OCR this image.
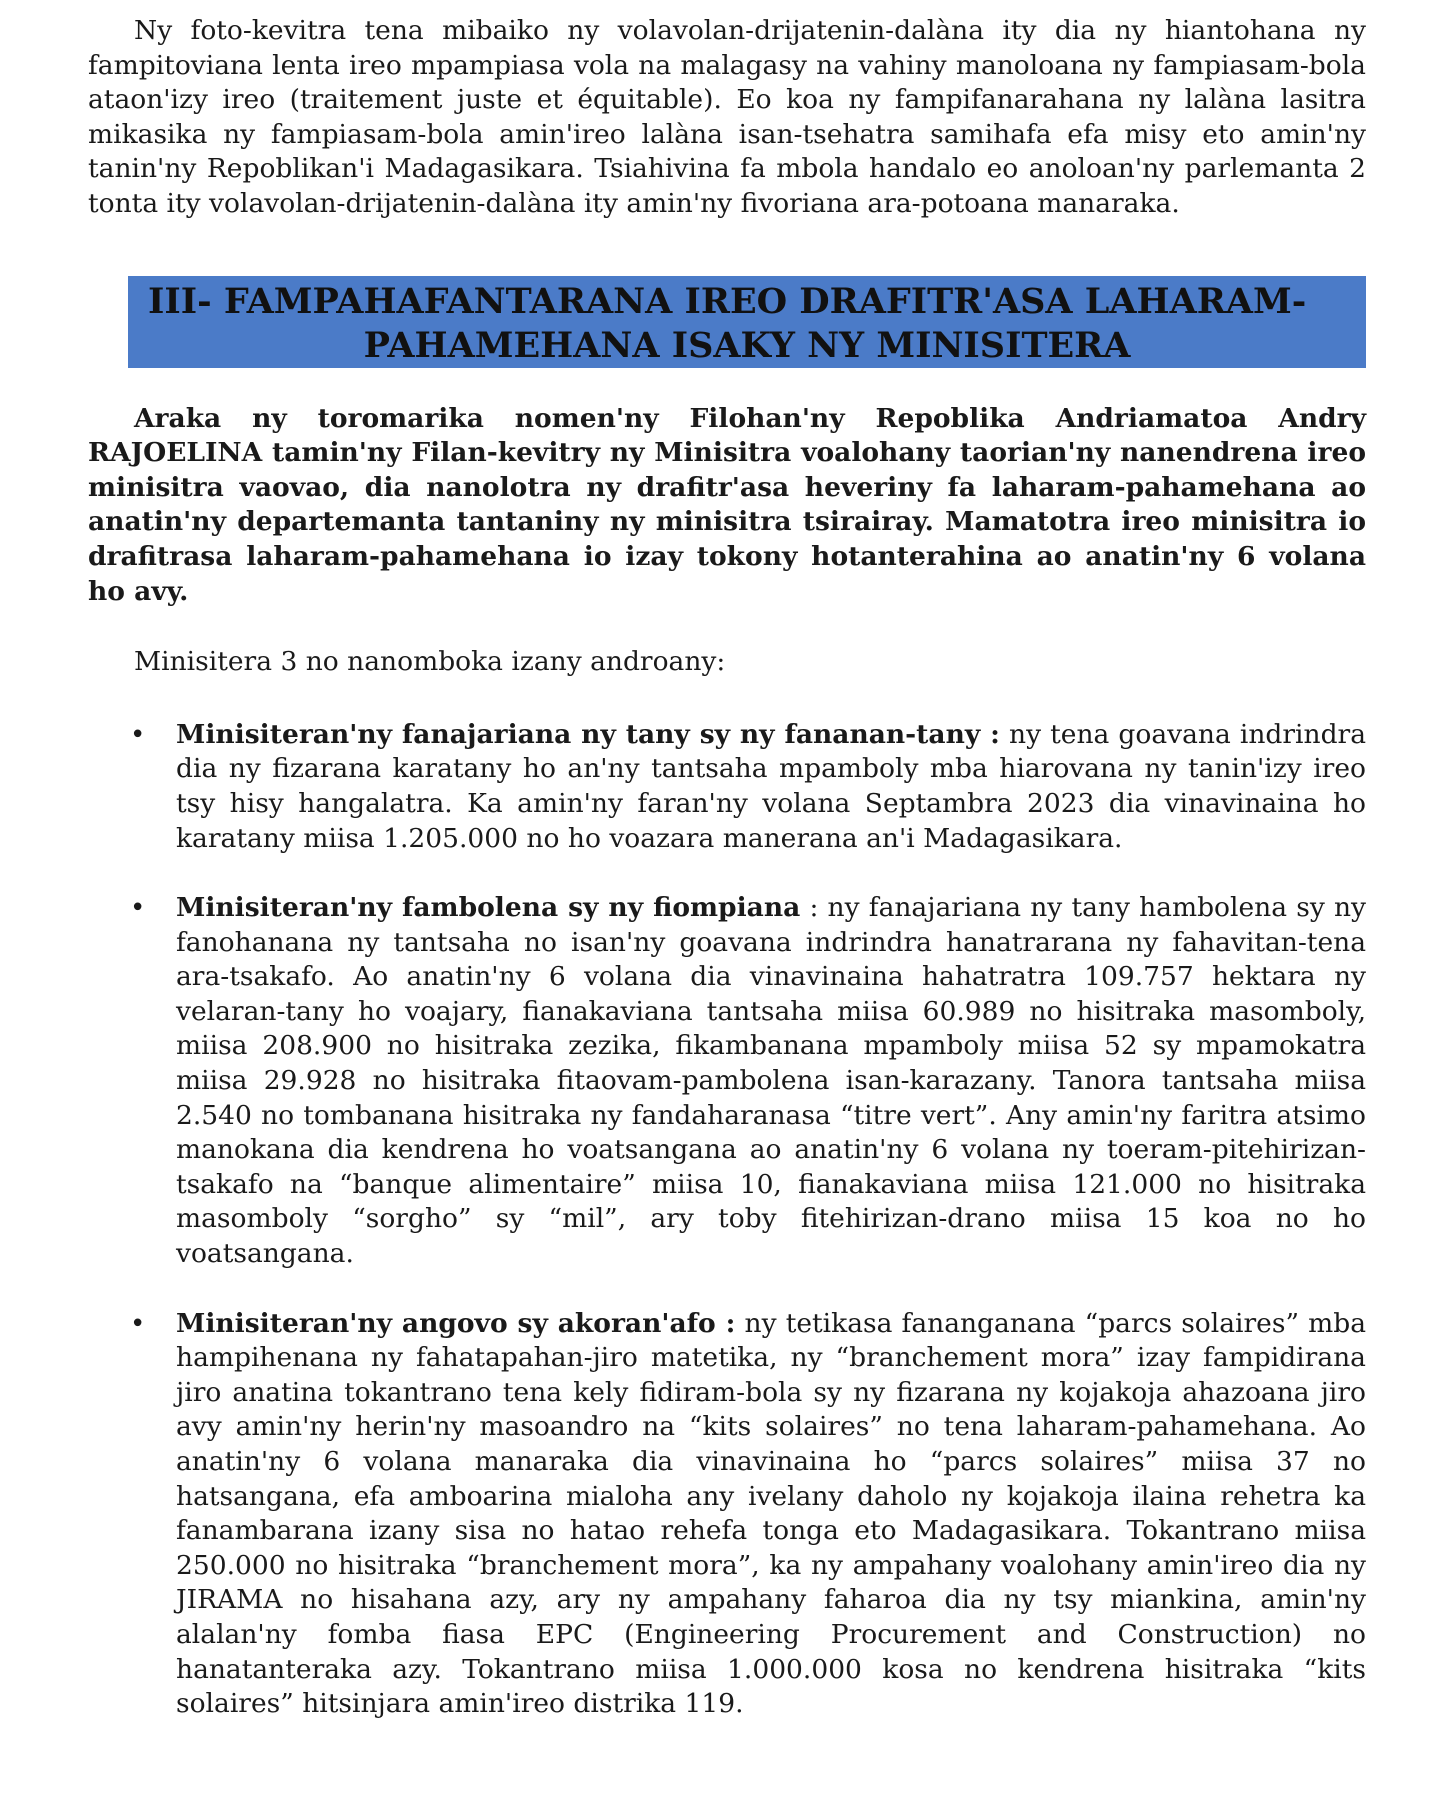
Ny foto-kevitra tena mibaiko ny volavolan-drijatenin-dalàna ity dia ny hiantohana ny fampitoviana lenta ireo mpampiasa vola na malagasy na vahiny manoloana ny fampiasam-bola ataon'izy ireo (traitement juste et équitable). Eo koa ny fampifanarahana ny lalàna lasitra mikasika ny fampiasam-bola amin'ireo lalàna isan-tsehatra samihafa efa misy eto amin'ny tanin'ny Repoblikan'i Madagasikara. Tsiahivina fa mbola handalo eo anoloan'ny parlemanta 2 tonta ity volavolan-drijatenin-dalàna ity amin'ny fivoriana ara-potoana manaraka.

III- FAMPAHAFANTARANA IREO DRAFITR'ASA LAHARAM-
PAHAMEHANA ISAKY NY MINISITERA

Araka ny toromarika nomen'ny Filohan'ny Repoblika Andriamatoa Andry RAJOELINA tamin'ny Filan-kevitry ny Minisitra voalohany taorian'ny nanendrena ireo minisitra vaovao, dia nanolotra ny drafitr'asa heveriny fa laharam-pahamehana ao anatin'ny departemanta tantaniny ny minisitra tsirairay. Mamatotra ireo minisitra io drafitrasa laharam-pahamehana io izay tokony hotanterahina ao anatin'ny 6 volana ho avy.

Minisitera 3 no nanomboka izany androany:

• Minisiteran'ny fanajariana ny tany sy ny fananan-tany : ny tena goavana indrindra dia ny fizarana karatany ho an'ny tantsaha mpamboly mba hiarovana ny tanin'izy ireo tsy hisy hangalatra. Ka amin'ny faran'ny volana Septambra 2023 dia vinavinaina ho karatany miisa 1.205.000 no ho voazara manerana an'i Madagasikara.

• Minisiteran'ny fambolena sy ny fiompiana : ny fanajariana ny tany hambolena sy ny fanohanana ny tantsaha no isan'ny goavana indrindra hanatrarana ny fahavitan-tena ara-tsakafo. Ao anatin'ny 6 volana dia vinavinaina hahatratra 109.757 hektara ny velaran-tany ho voajary, fianakaviana tantsaha miisa 60.989 no hisitraka masomboly, miisa 208.900 no hisitraka zezika, fikambanana mpamboly miisa 52 sy mpamokatra miisa 29.928 no hisitraka fitaovam-pambolena isan-karazany. Tanora tantsaha miisa 2.540 no tombanana hisitraka ny fandaharanasa “titre vert”. Any amin'ny faritra atsimo manokana dia kendrena ho voatsangana ao anatin'ny 6 volana ny toeram-pitehirizan-tsakafo na “banque alimentaire” miisa 10, fianakaviana miisa 121.000 no hisitraka masomboly “sorgho” sy “mil”, ary toby fitehirizan-drano miisa 15 koa no ho voatsangana.

• Minisiteran'ny angovo sy akoran'afo : ny tetikasa fananganana “parcs solaires” mba hampihenana ny fahatapahan-jiro matetika, ny “branchement mora” izay fampidirana jiro anatina tokantrano tena kely fidiram-bola sy ny fizarana ny kojakoja ahazoana jiro avy amin'ny herin'ny masoandro na “kits solaires” no tena laharam-pahamehana. Ao anatin'ny 6 volana manaraka dia vinavinaina ho “parcs solaires” miisa 37 no hatsangana, efa amboarina mialoha any ivelany daholo ny kojakoja ilaina rehetra ka fanambarana izany sisa no hatao rehefa tonga eto Madagasikara. Tokantrano miisa 250.000 no hisitraka “branchement mora”, ka ny ampahany voalohany amin'ireo dia ny JIRAMA no hisahana azy, ary ny ampahany faharoa dia ny tsy miankina, amin'ny alalan'ny fomba fiasa EPC (Engineering Procurement and Construction) no hanatanteraka azy. Tokantrano miisa 1.000.000 kosa no kendrena hisitraka “kits solaires” hitsinjara amin'ireo distrika 119.
